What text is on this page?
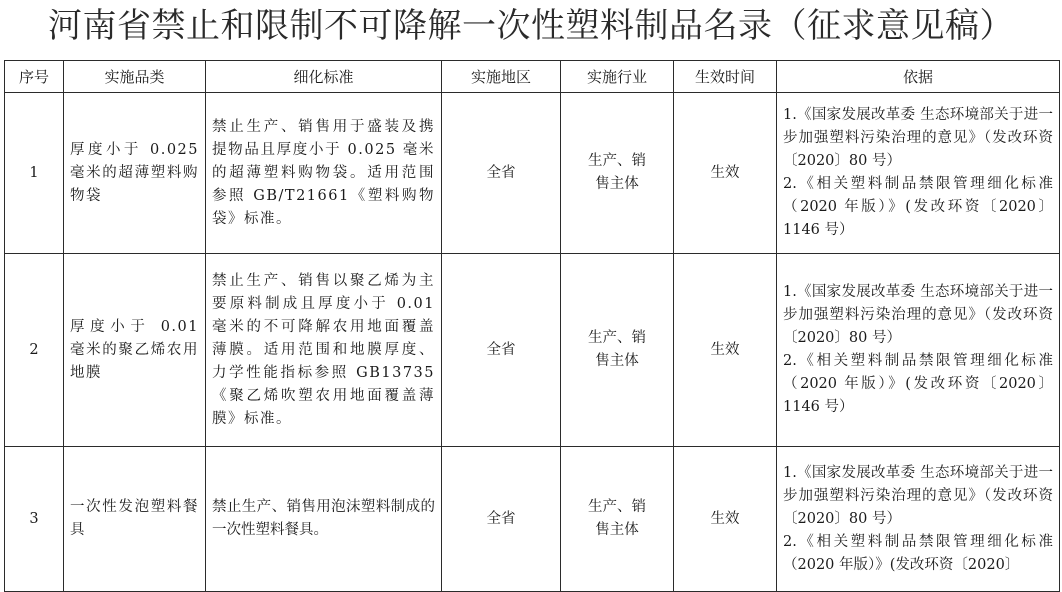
河南省禁止和限制不可降解一次性塑料制品名录（征求意见稿）
序号	实施品类	细化标准	实施地区	实施行业	生效时间	依据
1	厚度小于 0.025 毫米的超薄塑料购物袋	禁止生产、销售用于盛装及携提物品且厚度小于 0.025 毫米的超薄塑料购物袋。适用范围参照 GB/T21661《塑料购物袋》标准。	全省	生产、销售主体	生效	1.《国家发展改革委 生态环境部关于进一步加强塑料污染治理的意见》（发改环资〔2020〕80 号）
2.《相关塑料制品禁限管理细化标准（2020 年版）》(发改环资〔2020〕1146 号）

2	厚度小于 0.01 毫米的聚乙烯农用地膜	禁止生产、销售以聚乙烯为主要原料制成且厚度小于 0.01 毫米的不可降解农用地面覆盖薄膜。适用范围和地膜厚度、力学性能指标参照 GB13735《聚乙烯吹塑农用地面覆盖薄膜》标准。	全省	生产、销售主体	生效	1.《国家发展改革委 生态环境部关于进一步加强塑料污染治理的意见》（发改环资〔2020〕80 号）
2.《相关塑料制品禁限管理细化标准（2020 年版）》(发改环资〔2020〕1146 号）

3	一次性发泡塑料餐具	禁止生产、销售用泡沫塑料制成的一次性塑料餐具。	全省	生产、销售主体	生效	1.《国家发展改革委 生态环境部关于进一步加强塑料污染治理的意见》（发改环资〔2020〕80 号）
2.《相关塑料制品禁限管理细化标准（2020 年版）》(发改环资〔2020〕
